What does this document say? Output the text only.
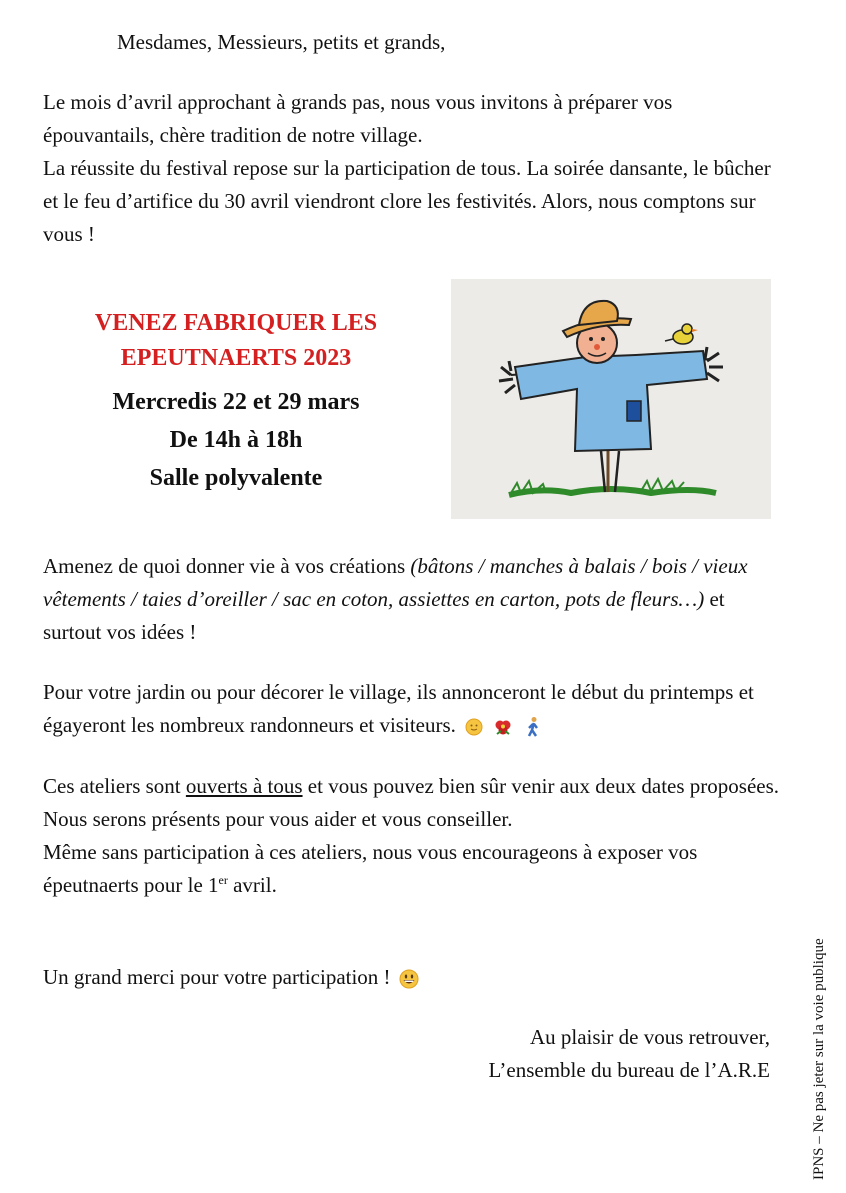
Mesdames, Messieurs, petits et grands,

Le mois d’avril approchant à grands pas, nous vous invitons à préparer vos épouvantails, chère tradition de notre village.
La réussite du festival repose sur la participation de tous. La soirée dansante, le bûcher et le feu d’artifice du 30 avril viendront clore les festivités. Alors, nous comptons sur vous !

VENEZ FABRIQUER LES
EPEUTNAERTS 2023
Mercredis 22 et 29 mars
De 14h à 18h
Salle polyvalente

Amenez de quoi donner vie à vos créations (bâtons / manches à balais / bois / vieux vêtements / taies d’oreiller / sac en coton, assiettes en carton, pots de fleurs…) et surtout vos idées !

Pour votre jardin ou pour décorer le village, ils annonceront le début du printemps et égayeront les nombreux randonneurs et visiteurs.

Ces ateliers sont ouverts à tous et vous pouvez bien sûr venir aux deux dates proposées. Nous serons présents pour vous aider et vous conseiller.
Même sans participation à ces ateliers, nous vous encourageons à exposer vos épeutnaerts pour le 1er avril.

Un grand merci pour votre participation !

Au plaisir de vous retrouver,
L’ensemble du bureau de l’A.R.E	IPNS – Ne pas jeter sur la voie publique
